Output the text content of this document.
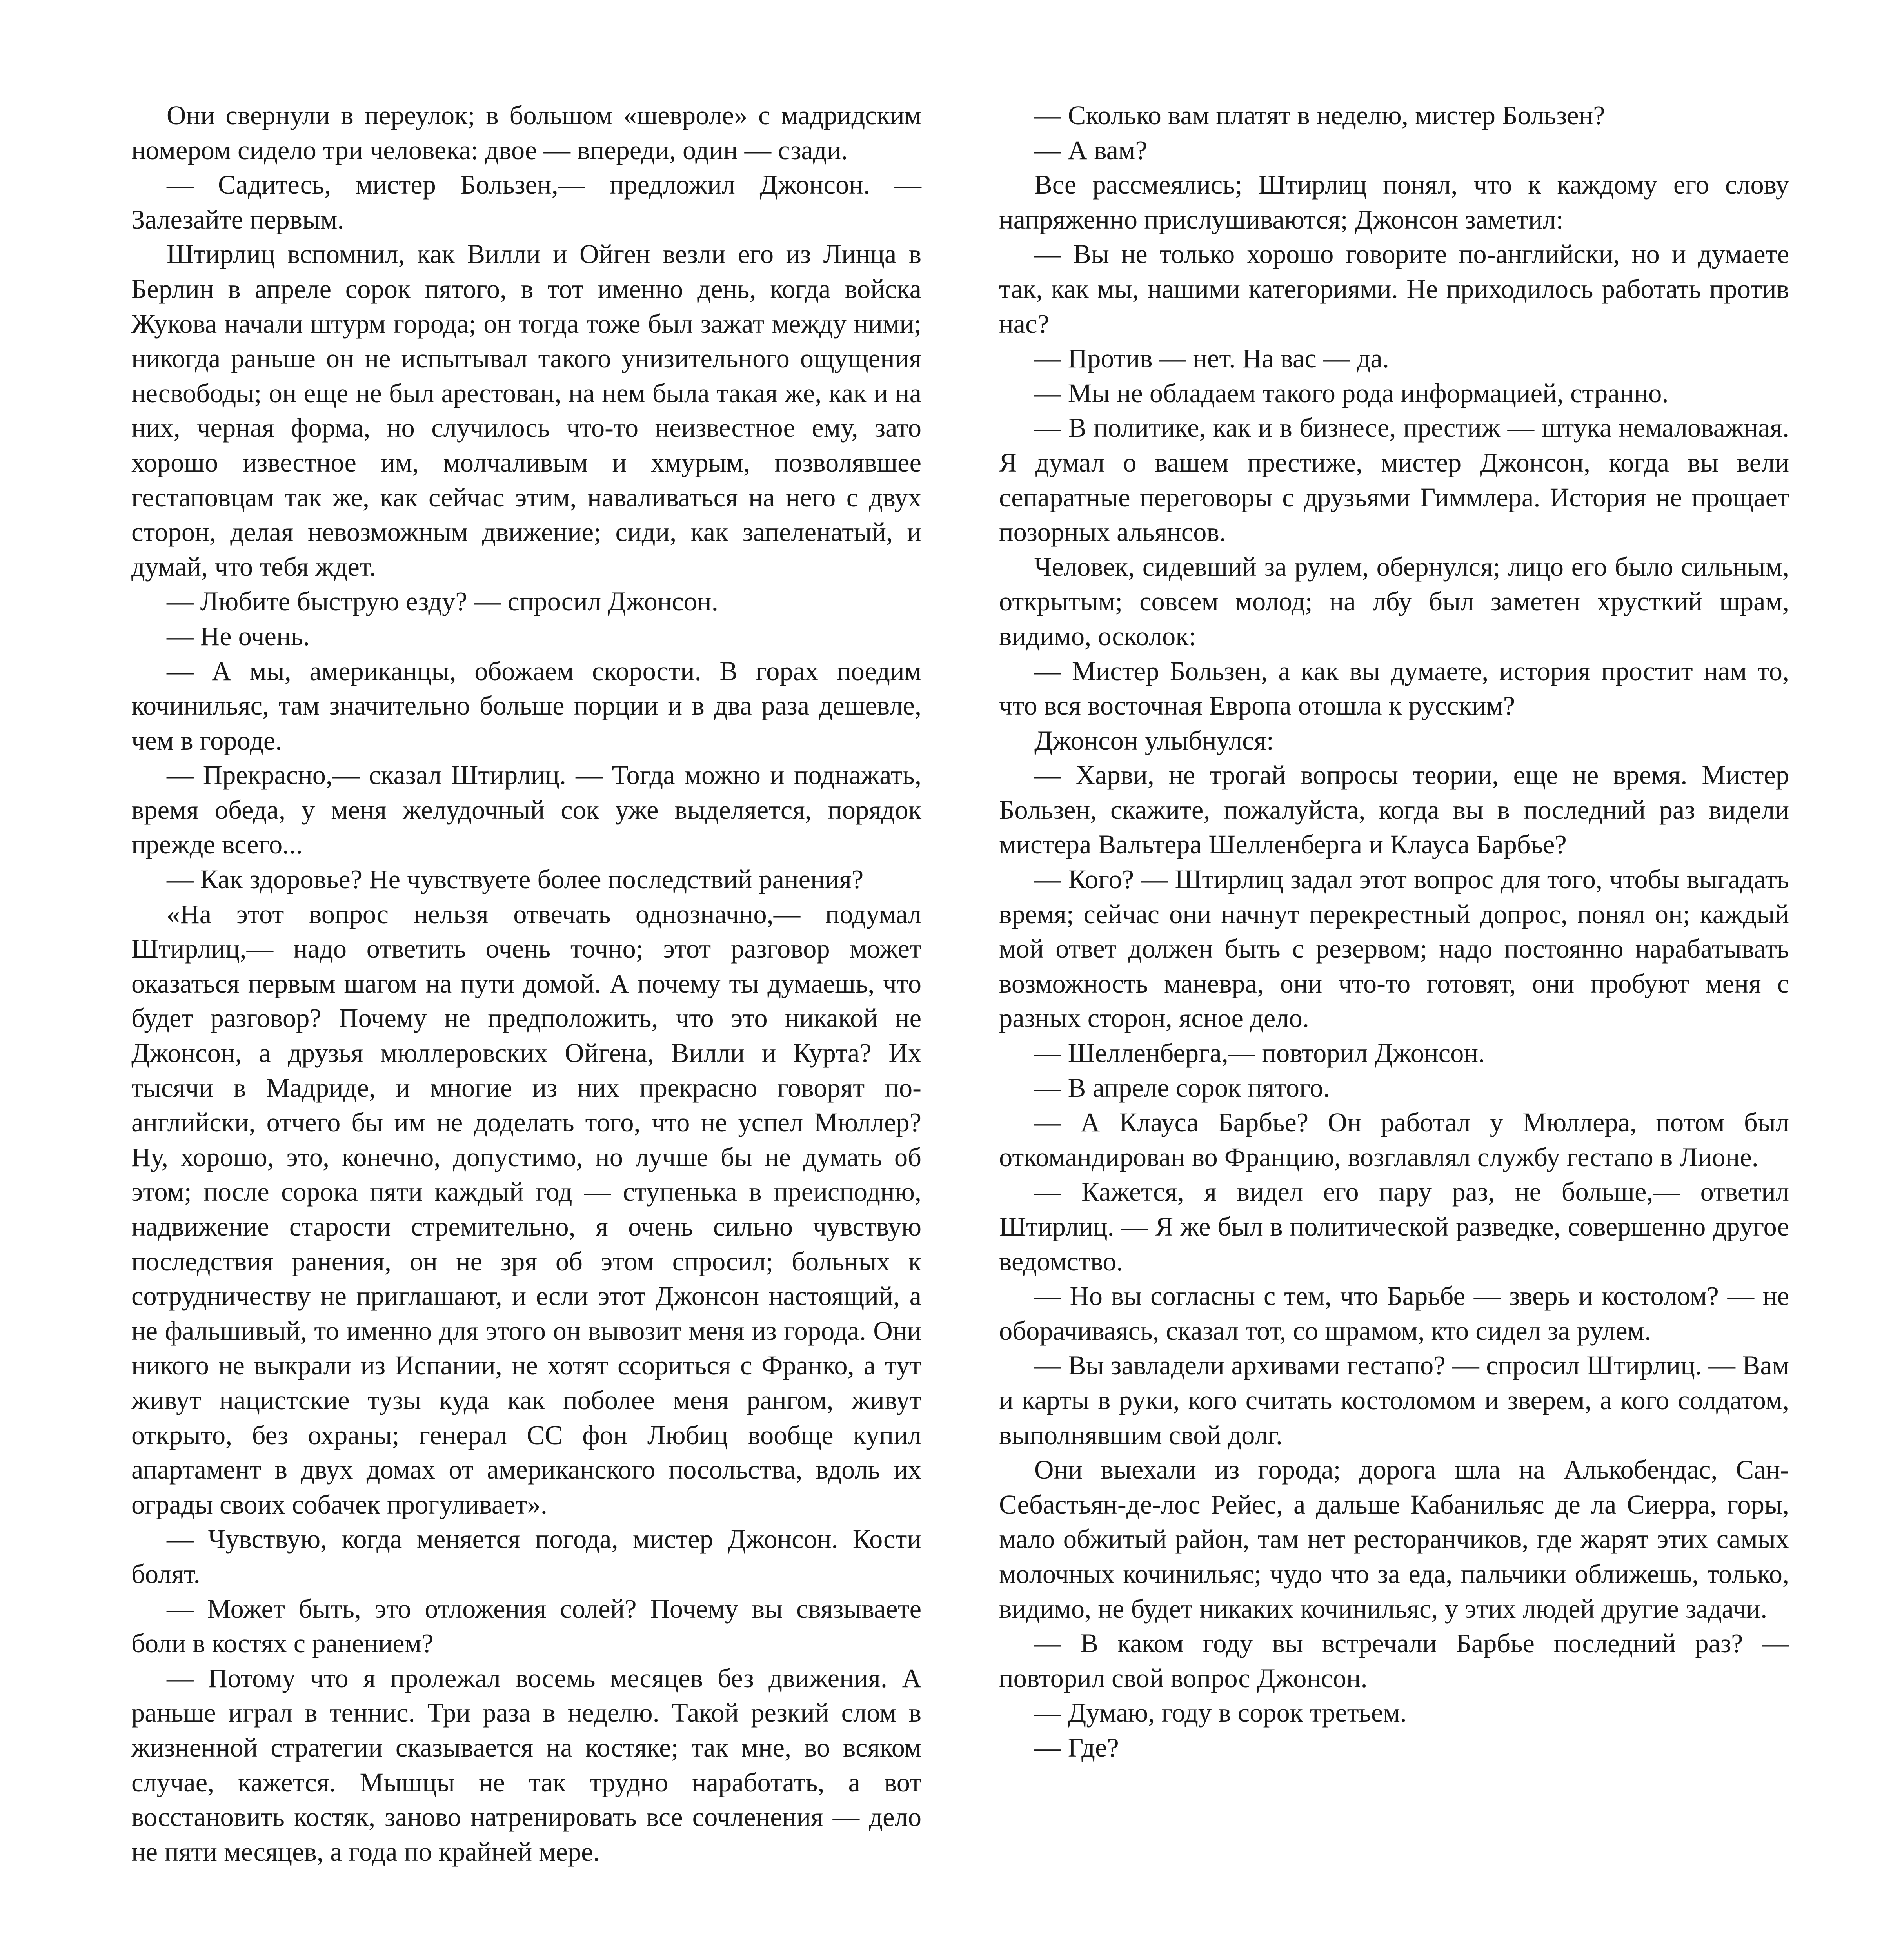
Они свернули в переулок; в большом «шевроле» с мадридским номером сидело три человека: двое — впереди, один — сзади.

— Садитесь, мистер Бользен,— предложил Джонсон. — Залезайте первым.

Штирлиц вспомнил, как Вилли и Ойген везли его из Линца в Берлин в апреле сорок пятого, в тот именно день, когда войска Жукова начали штурм города; он тогда тоже был зажат между ними; никогда раньше он не испытывал такого унизительного ощущения несвободы; он еще не был арестован, на нем была такая же, как и на них, черная форма, но случилось что-то неизвестное ему, зато хорошо известное им, молчаливым и хмурым, позволявшее гестаповцам так же, как сейчас этим, наваливаться на него с двух сторон, делая невозможным движение; сиди, как запеленатый, и думай, что тебя ждет.

— Любите быструю езду? — спросил Джонсон.

— Не очень.

— А мы, американцы, обожаем скорости. В горах поедим кочинильяс, там значительно больше порции и в два раза дешевле, чем в городе.

— Прекрасно,— сказал Штирлиц. — Тогда можно и поднажать, время обеда, у меня желудочный сок уже выделяется, порядок прежде всего...

— Как здоровье? Не чувствуете более последствий ранения?

«На этот вопрос нельзя отвечать однозначно,— подумал Штирлиц,— надо ответить очень точно; этот разговор может оказаться первым шагом на пути домой. А почему ты думаешь, что будет разговор? Почему не предположить, что это никакой не Джонсон, а друзья мюллеровских Ойгена, Вилли и Курта? Их тысячи в Мадриде, и многие из них прекрасно говорят по-английски, отчего бы им не доделать того, что не успел Мюллер? Ну, хорошо, это, конечно, допустимо, но лучше бы не думать об этом; после сорока пяти каждый год — ступенька в преисподню, надвижение старости стремительно, я очень сильно чувствую последствия ранения, он не зря об этом спросил; больных к сотрудничеству не приглашают, и если этот Джонсон настоящий, а не фальшивый, то именно для этого он вывозит меня из города. Они никого не выкрали из Испании, не хотят ссориться с Франко, а тут живут нацистские тузы куда как поболее меня рангом, живут открыто, без охраны; генерал СС фон Любиц вообще купил апартамент в двух домах от американского посольства, вдоль их ограды своих собачек прогуливает».

— Чувствую, когда меняется погода, мистер Джонсон. Кости болят.

— Может быть, это отложения солей? Почему вы связываете боли в костях с ранением?

— Потому что я пролежал восемь месяцев без движения. А раньше играл в теннис. Три раза в неделю. Такой резкий слом в жизненной стратегии сказывается на костяке; так мне, во всяком случае, кажется. Мышцы не так трудно наработать, а вот восстановить костяк, заново натренировать все сочленения — дело не пяти месяцев, а года по крайней мере.

— Сколько вам платят в неделю, мистер Бользен?

— А вам?

Все рассмеялись; Штирлиц понял, что к каждому его слову напряженно прислушиваются; Джонсон заметил:

— Вы не только хорошо говорите по-английски, но и думаете так, как мы, нашими категориями. Не приходилось работать против нас?

— Против — нет. На вас — да.

— Мы не обладаем такого рода информацией, странно.

— В политике, как и в бизнесе, престиж — штука немаловажная. Я думал о вашем престиже, мистер Джонсон, когда вы вели сепаратные переговоры с друзьями Гиммлера. История не прощает позорных альянсов.

Человек, сидевший за рулем, обернулся; лицо его было сильным, открытым; совсем молод; на лбу был заметен хрусткий шрам, видимо, осколок:

— Мистер Бользен, а как вы думаете, история простит нам то, что вся восточная Европа отошла к русским?

Джонсон улыбнулся:

— Харви, не трогай вопросы теории, еще не время. Мистер Бользен, скажите, пожалуйста, когда вы в последний раз видели мистера Вальтера Шелленберга и Клауса Барбье?

— Кого? — Штирлиц задал этот вопрос для того, чтобы выгадать время; сейчас они начнут перекрестный допрос, понял он; каждый мой ответ должен быть с резервом; надо постоянно нарабатывать возможность маневра, они что-то готовят, они пробуют меня с разных сторон, ясное дело.

— Шелленберга,— повторил Джонсон.

— В апреле сорок пятого.

— А Клауса Барбье? Он работал у Мюллера, потом был откомандирован во Францию, возглавлял службу гестапо в Лионе.

— Кажется, я видел его пару раз, не больше,— ответил Штирлиц. — Я же был в политической разведке, совершенно другое ведомство.

— Но вы согласны с тем, что Барьбе — зверь и костолом? — не оборачиваясь, сказал тот, со шрамом, кто сидел за рулем.

— Вы завладели архивами гестапо? — спросил Штирлиц. — Вам и карты в руки, кого считать костоломом и зверем, а кого солдатом, выполнявшим свой долг.

Они выехали из города; дорога шла на Алькобендас, Сан-Себастьян-де-лос Рейес, а дальше Кабанильяс де ла Сиерра, горы, мало обжитый район, там нет ресторанчиков, где жарят этих самых молочных кочинильяс; чудо что за еда, пальчики оближешь, только, видимо, не будет никаких кочинильяс, у этих людей другие задачи.

— В каком году вы встречали Барбье последний раз? — повторил свой вопрос Джонсон.

— Думаю, году в сорок третьем.

— Где?
